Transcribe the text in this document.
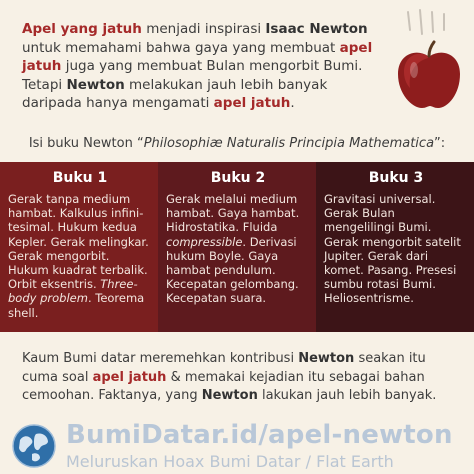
Apel yang jatuh menjadi inspirasi Isaac Newton untuk memahami bahwa gaya yang membuat apel jatuh juga yang membuat Bulan mengorbit Bumi. Tetapi Newton melakukan jauh lebih banyak daripada hanya mengamati apel jatuh.
Isi buku Newton “Philosophiæ Naturalis Principia Mathematica”:
Buku 1
Gerak tanpa medium hambat. Kalkulus infini-tesimal. Hukum kedua Kepler. Gerak melingkar. Gerak mengorbit. Hukum kuadrat terbalik. Orbit eksentris. Three-body problem. Teorema shell.
Buku 2
Gerak melalui medium hambat. Gaya hambat. Hidrostatika. Fluida compressible. Derivasi hukum Boyle. Gaya hambat pendulum. Kecepatan gelombang. Kecepatan suara.
Buku 3
Gravitasi universal. Gerak Bulan mengelilingi Bumi. Gerak mengorbit satelit Jupiter. Gerak dari komet. Pasang. Presesi sumbu rotasi Bumi. Heliosentrisme.
Kaum Bumi datar meremehkan kontribusi Newton seakan itu cuma soal apel jatuh & memakai kejadian itu sebagai bahan cemoohan. Faktanya, yang Newton lakukan jauh lebih banyak.
BumiDatar.id/apel-newton
Meluruskan Hoax Bumi Datar / Flat Earth
